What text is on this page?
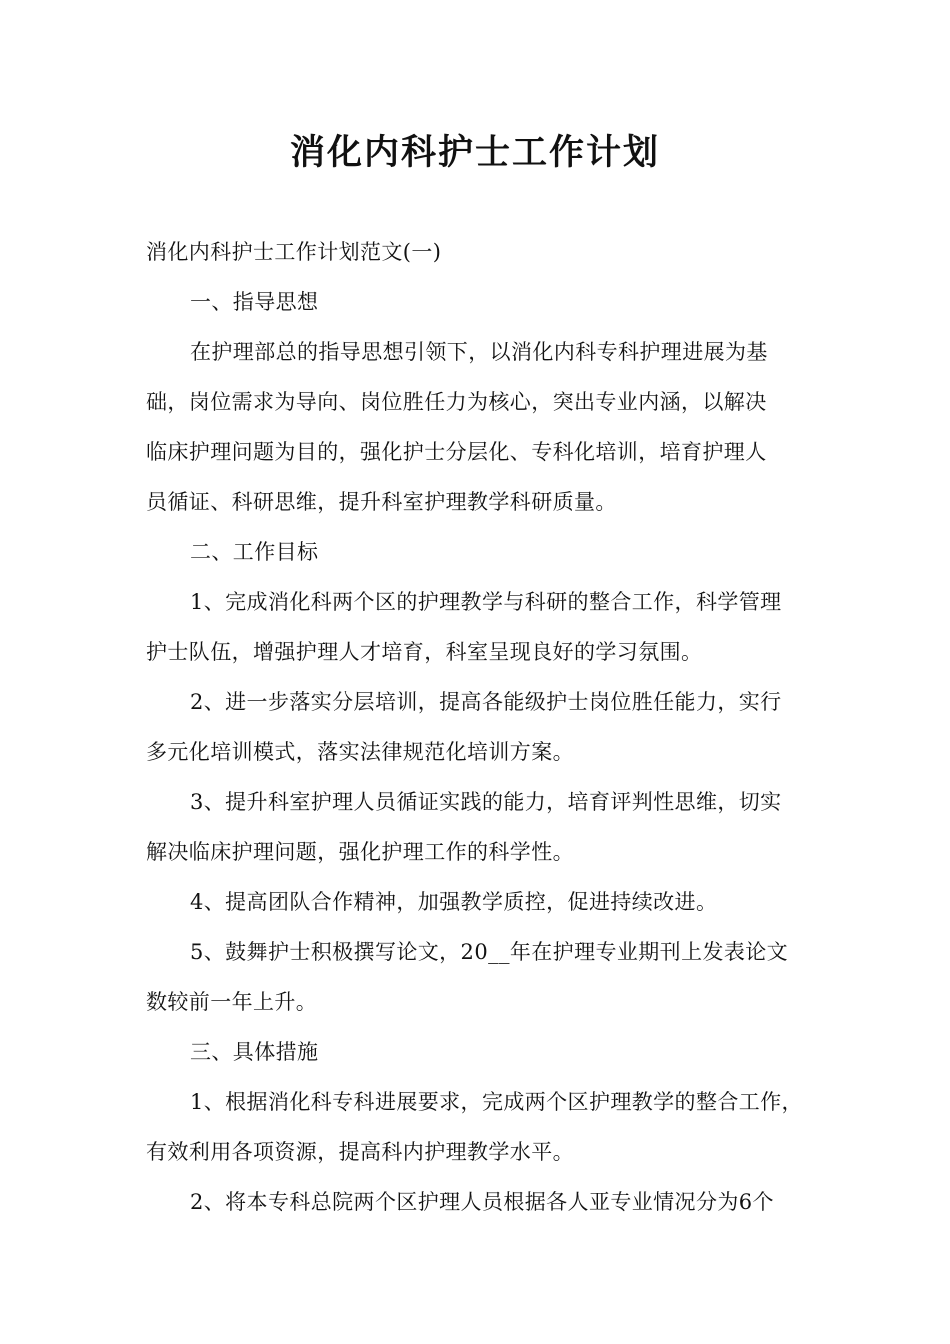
消化内科护士工作计划

消化内科护士工作计划范文(一)

一、指导思想

在护理部总的指导思想引领下，以消化内科专科护理进展为基

础，岗位需求为导向、岗位胜任力为核心，突出专业内涵，以解决

临床护理问题为目的，强化护士分层化、专科化培训，培育护理人

员循证、科研思维，提升科室护理教学科研质量。

二、工作目标

1、完成消化科两个区的护理教学与科研的整合工作，科学管理

护士队伍，增强护理人才培育，科室呈现良好的学习氛围。

2、进一步落实分层培训，提高各能级护士岗位胜任能力，实行

多元化培训模式，落实法律规范化培训方案。

3、提升科室护理人员循证实践的能力，培育评判性思维，切实

解决临床护理问题，强化护理工作的科学性。

4、提高团队合作精神，加强教学质控，促进持续改进。

5、鼓舞护士积极撰写论文，20__年在护理专业期刊上发表论文

数较前一年上升。

三、具体措施

1、根据消化科专科进展要求，完成两个区护理教学的整合工作，

有效利用各项资源，提高科内护理教学水平。

2、将本专科总院两个区护理人员根据各人亚专业情况分为6个
